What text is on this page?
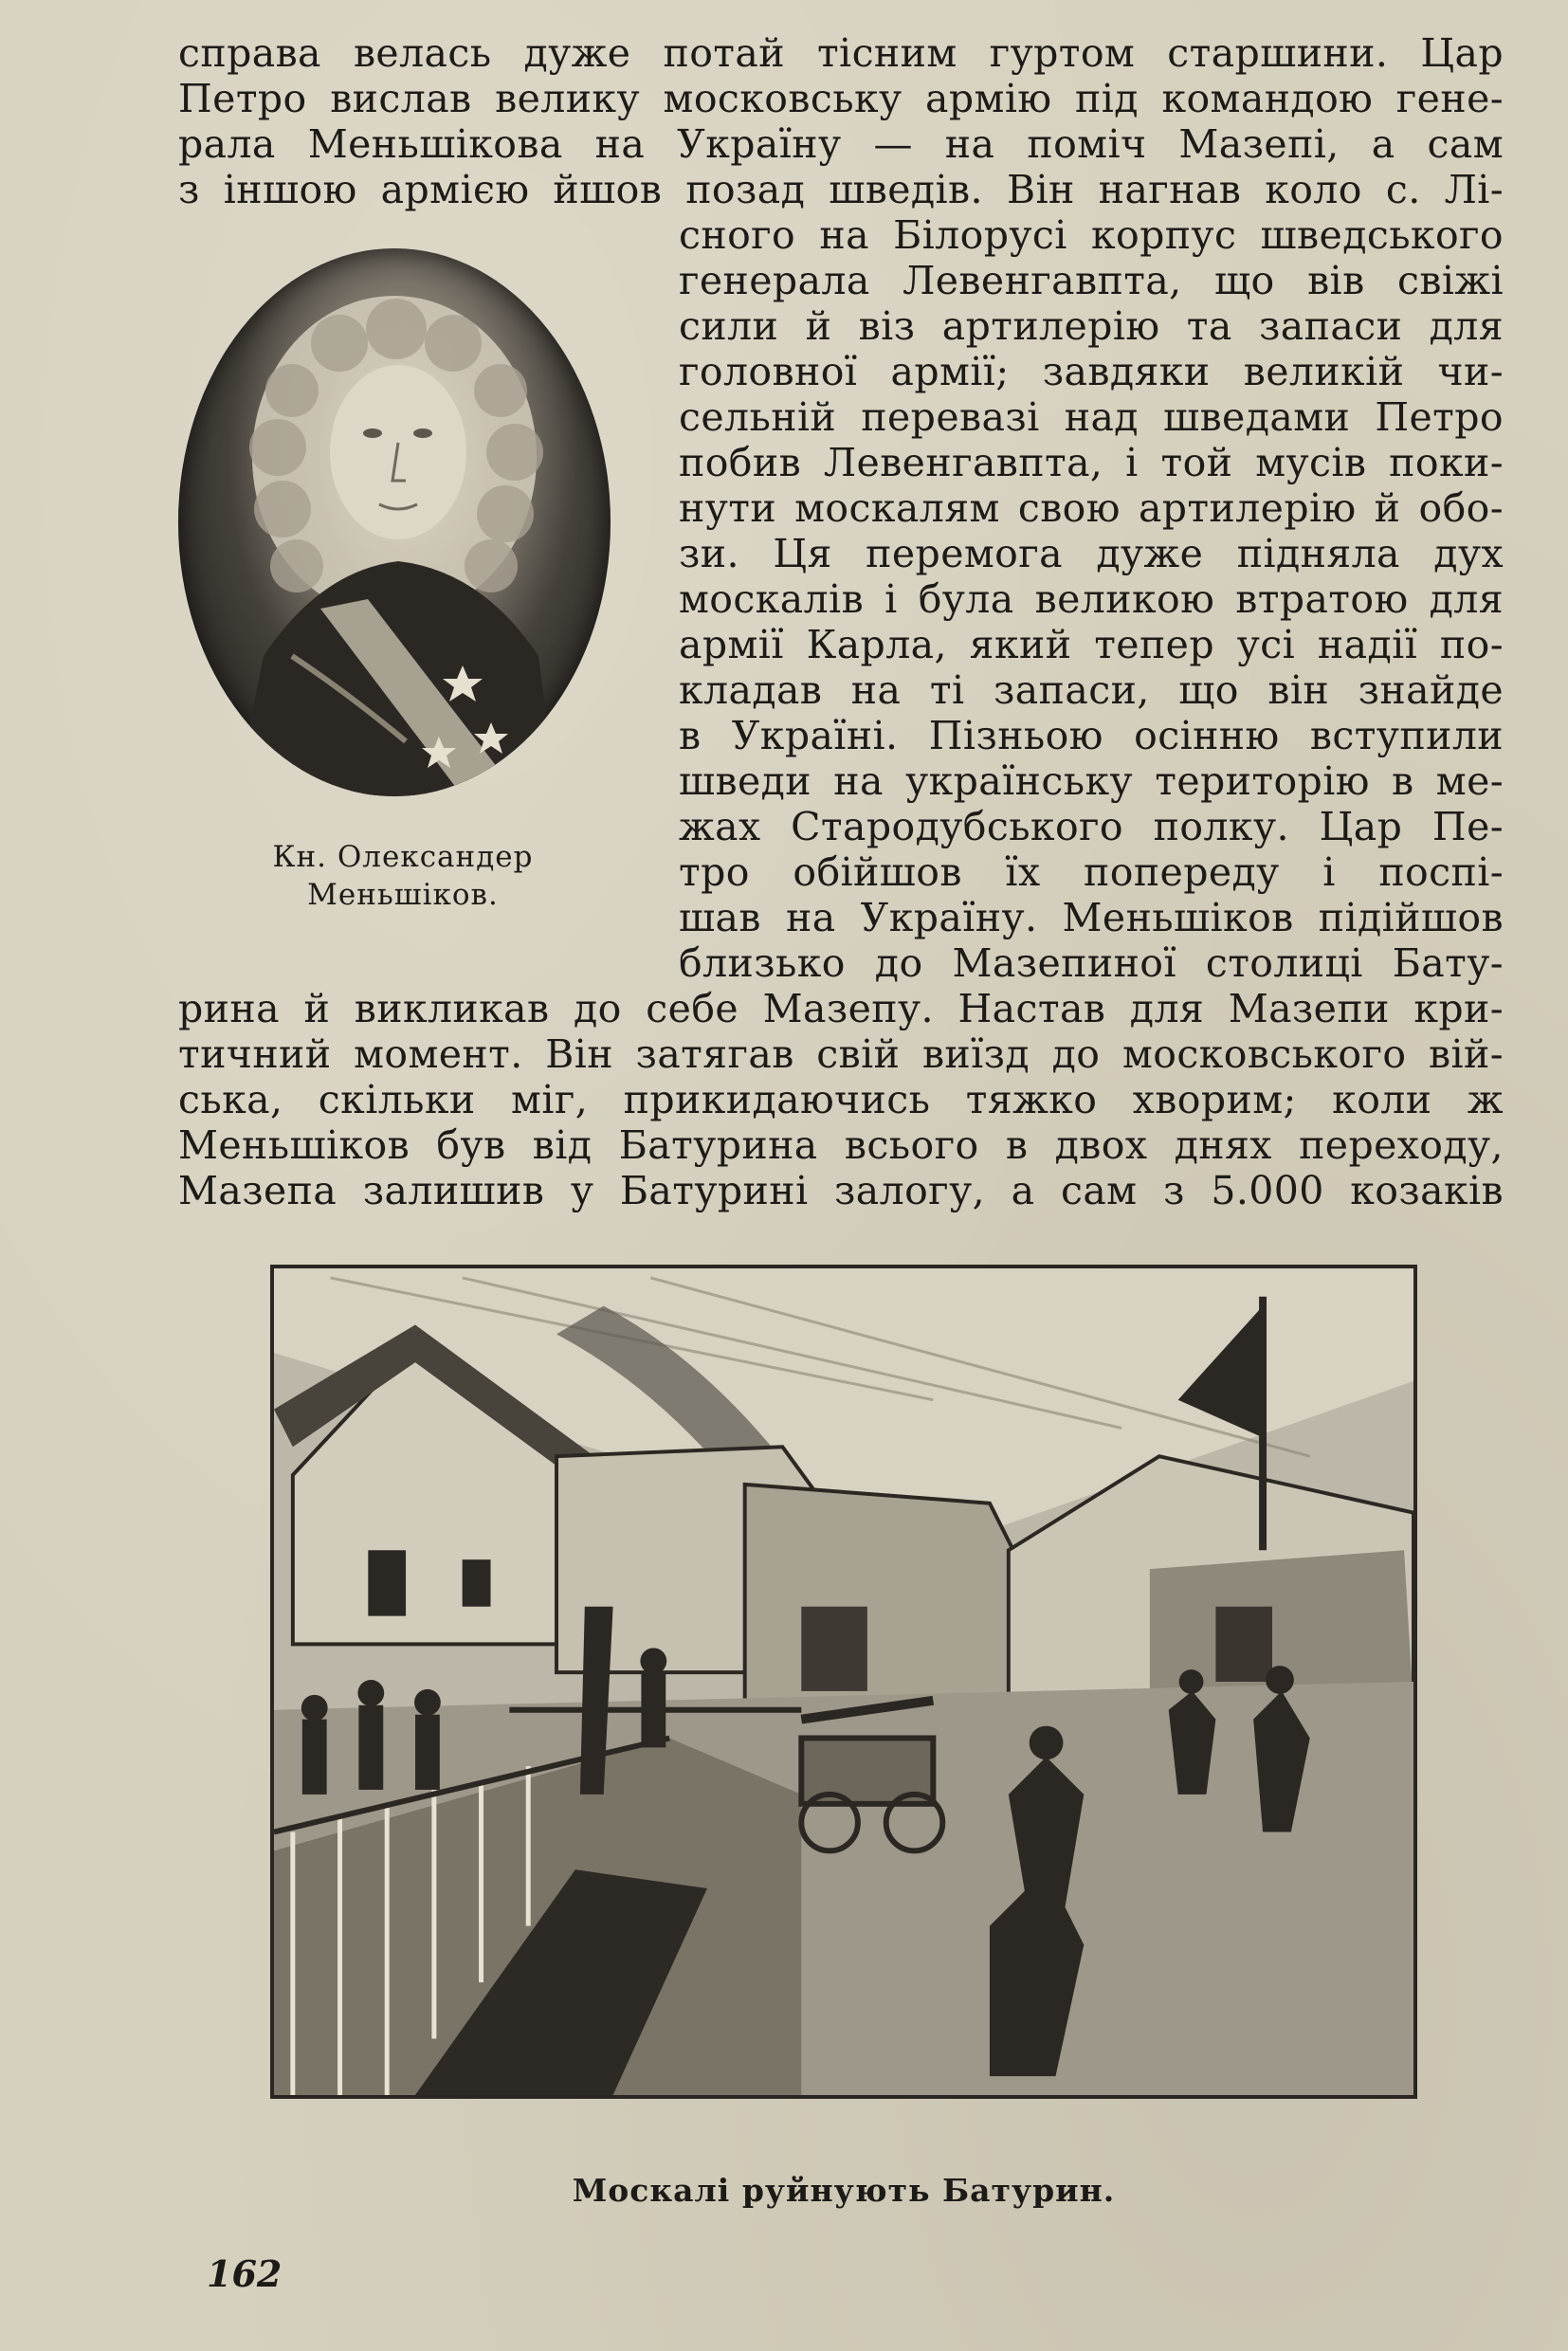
справа велась дуже потай тісним гуртом старшини. Цар
Петро вислав велику московську армію під командою гене-
рала Меньшікова на Україну — на поміч Мазепі, а сам
з іншою армією йшов позад шведів. Він нагнав коло с. Лі-
сного на Білорусі корпус шведського
генерала Левенгавпта, що вів свіжі
сили й віз артилерію та запаси для
головної армії; завдяки великій чи-
сельній перевазі над шведами Петро
побив Левенгавпта, і той мусів поки-
нути москалям свою артилерію й обо-
зи. Ця перемога дуже підняла дух
москалів і була великою втратою для
армії Карла, який тепер усі надії по-
кладав на ті запаси, що він знайде
в Україні. Пізньою осінню вступили
шведи на українську територію в ме-
жах Стародубського полку. Цар Пе-
тро обійшов їх попереду і поспі-
шав на Україну. Меньшіков підійшов
близько до Мазепиної столиці Бату-
рина й викликав до себе Мазепу. Настав для Мазепи кри-
тичний момент. Він затягав свій виїзд до московського вій-
ська, скільки міг, прикидаючись тяжко хворим; коли ж
Меньшіков був від Батурина всього в двох днях переходу,
Мазепа залишив у Батурині залогу, а сам з 5.000 козаків
Кн. Олександер
Меньшіков.
Москалі руйнують Батурин.
162
